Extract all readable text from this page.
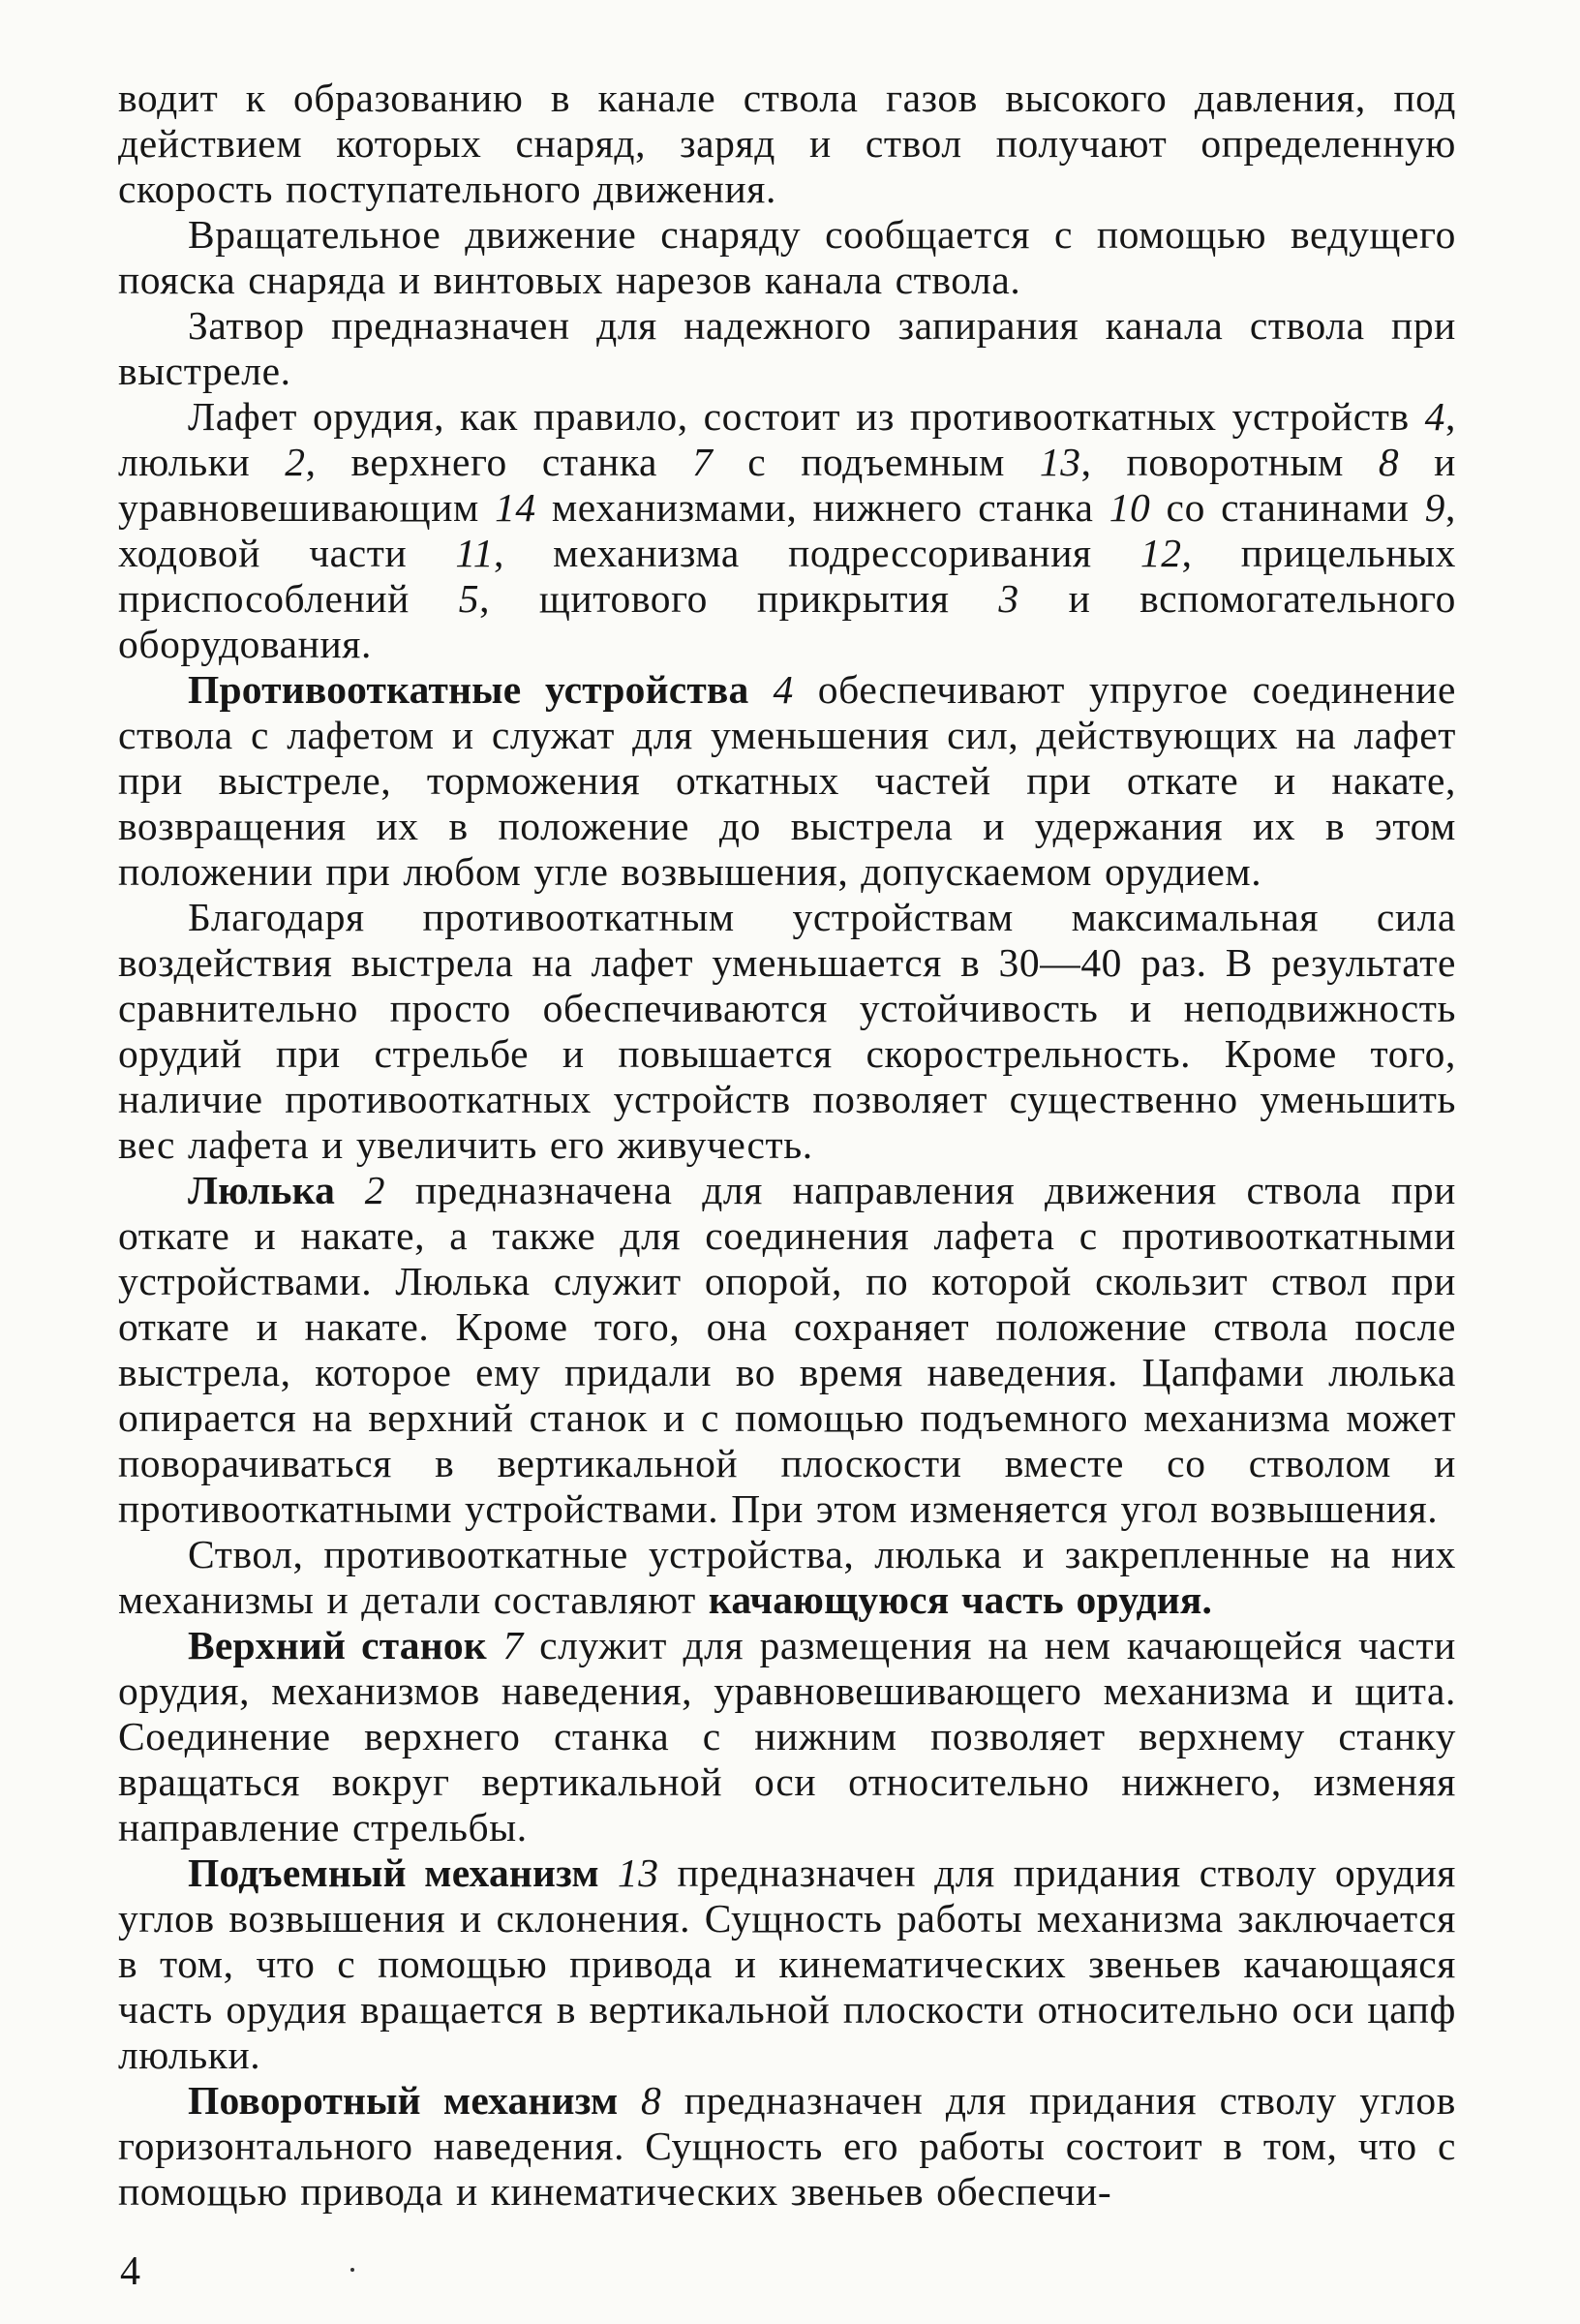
водит к образованию в канале ствола газов высокого давления, под действием которых снаряд, заряд и ствол получают определенную скорость поступательного движения.

Вращательное движение снаряду сообщается с помощью ведущего пояска снаряда и винтовых нарезов канала ствола.

Затвор предназначен для надежного запирания канала ствола при выстреле.

Лафет орудия, как правило, состоит из противооткатных устройств 4, люльки 2, верхнего станка 7 с подъемным 13, поворотным 8 и уравновешивающим 14 механизмами, нижнего станка 10 со станинами 9, ходовой части 11, механизма подрессоривания 12, прицельных приспособлений 5, щитового прикрытия 3 и вспомогательного оборудования.

Противооткатные устройства 4 обеспечивают упругое соединение ствола с лафетом и служат для уменьшения сил, действующих на лафет при выстреле, торможения откатных частей при откате и накате, возвращения их в положение до выстрела и удержания их в этом положении при любом угле возвышения, допускаемом орудием.

Благодаря противооткатным устройствам максимальная сила воздействия выстрела на лафет уменьшается в 30—40 раз. В результате сравнительно просто обеспечиваются устойчивость и неподвижность орудий при стрельбе и повышается скорострельность. Кроме того, наличие противооткатных устройств позволяет существенно уменьшить вес лафета и увеличить его живучесть.

Люлька 2 предназначена для направления движения ствола при откате и накате, а также для соединения лафета с противооткатными устройствами. Люлька служит опорой, по которой скользит ствол при откате и накате. Кроме того, она сохраняет положение ствола после выстрела, которое ему придали во время наведения. Цапфами люлька опирается на верхний станок и с помощью подъемного механизма может поворачиваться в вертикальной плоскости вместе со стволом и противооткатными устройствами. При этом изменяется угол возвышения.

Ствол, противооткатные устройства, люлька и закрепленные на них механизмы и детали составляют качающуюся часть орудия.

Верхний станок 7 служит для размещения на нем качающейся части орудия, механизмов наведения, уравновешивающего механизма и щита. Соединение верхнего станка с нижним позволяет верхнему станку вращаться вокруг вертикальной оси относительно нижнего, изменяя направление стрельбы.

Подъемный механизм 13 предназначен для придания стволу орудия углов возвышения и склонения. Сущность работы механизма заключается в том, что с помощью привода и кинематических звеньев качающаяся часть орудия вращается в вертикальной плоскости относительно оси цапф люльки.

Поворотный механизм 8 предназначен для придания стволу углов горизонтального наведения. Сущность его работы состоит в том, что с помощью привода и кинематических звеньев обеспечи-

4
